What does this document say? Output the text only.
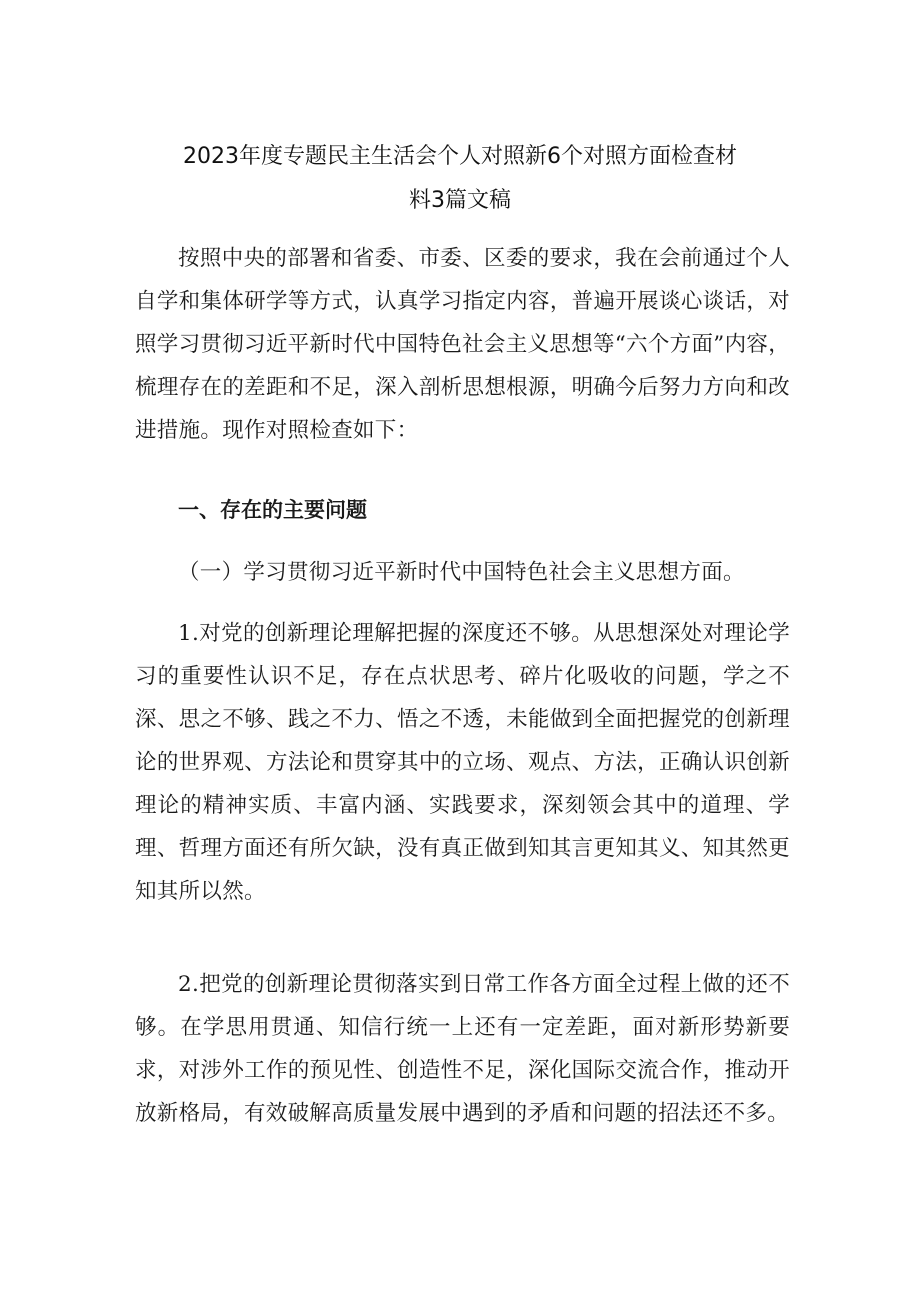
2023年度专题民主生活会个人对照新6个对照方面检查材
料3篇文稿

按照中央的部署和省委、市委、区委的要求，我在会前通过个人自学和集体研学等方式，认真学习指定内容，普遍开展谈心谈话，对照学习贯彻习近平新时代中国特色社会主义思想等“六个方面”内容，梳理存在的差距和不足，深入剖析思想根源，明确今后努力方向和改进措施。现作对照检查如下：

一、存在的主要问题

（一）学习贯彻习近平新时代中国特色社会主义思想方面。

1.对党的创新理论理解把握的深度还不够。从思想深处对理论学习的重要性认识不足，存在点状思考、碎片化吸收的问题，学之不深、思之不够、践之不力、悟之不透，未能做到全面把握党的创新理论的世界观、方法论和贯穿其中的立场、观点、方法，正确认识创新理论的精神实质、丰富内涵、实践要求，深刻领会其中的道理、学理、哲理方面还有所欠缺，没有真正做到知其言更知其义、知其然更知其所以然。

2.把党的创新理论贯彻落实到日常工作各方面全过程上做的还不够。在学思用贯通、知信行统一上还有一定差距，面对新形势新要求，对涉外工作的预见性、创造性不足，深化国际交流合作，推动开放新格局，有效破解高质量发展中遇到的矛盾和问题的招法还不多。
